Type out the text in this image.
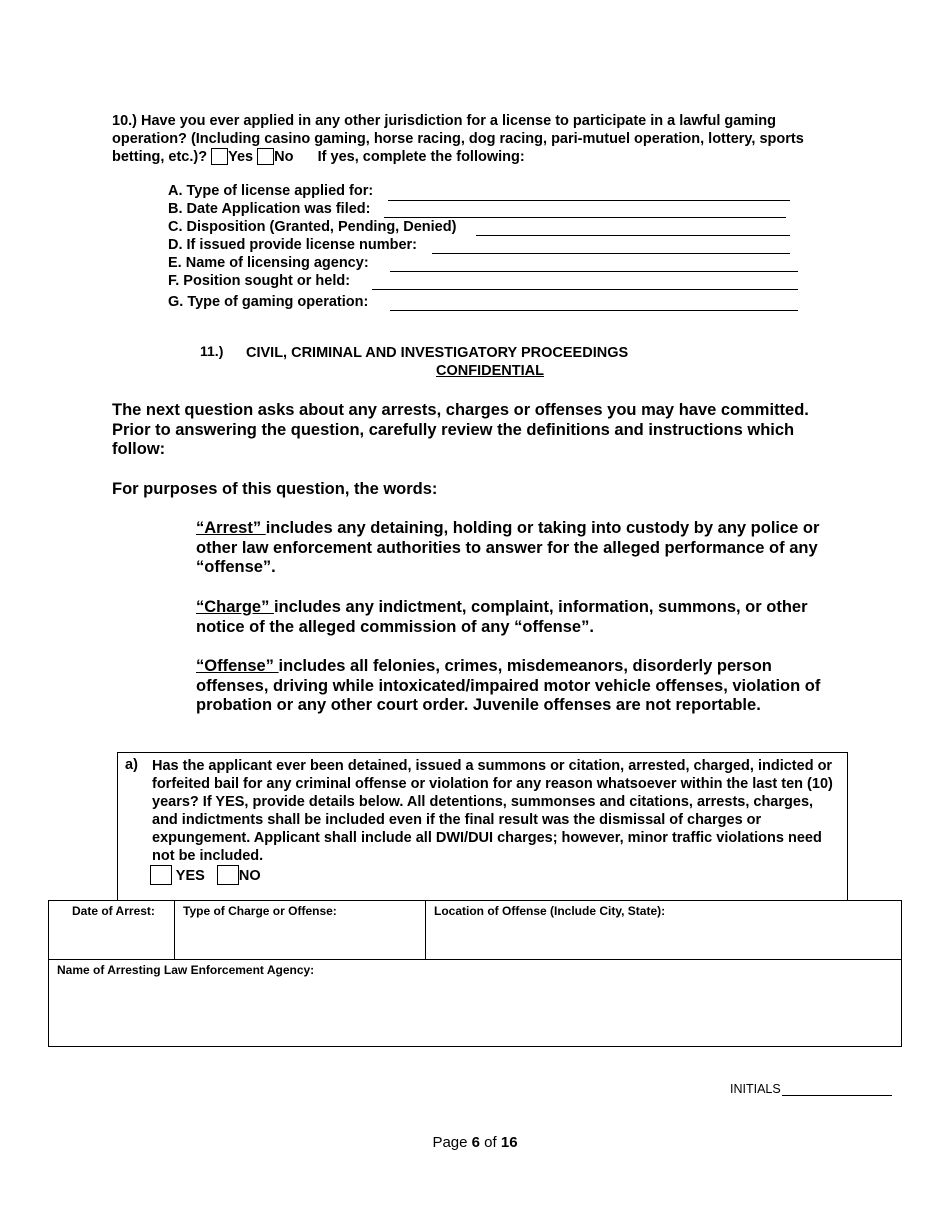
10.) Have you ever applied in any other jurisdiction for a license to participate in a lawful gaming operation? (Including casino gaming, horse racing, dog racing, pari-mutuel operation, lottery, sports betting, etc.)? Yes No If yes, complete the following:
A. Type of license applied for:
B. Date Application was filed:
C. Disposition (Granted, Pending, Denied)
D. If issued provide license number:
E. Name of licensing agency:
F. Position sought or held:
G. Type of gaming operation:
11.) CIVIL, CRIMINAL AND INVESTIGATORY PROCEEDINGS
CONFIDENTIAL
The next question asks about any arrests, charges or offenses you may have committed. Prior to answering the question, carefully review the definitions and instructions which follow:
For purposes of this question, the words:
“Arrest” includes any detaining, holding or taking into custody by any police or other law enforcement authorities to answer for the alleged performance of any “offense”.
“Charge” includes any indictment, complaint, information, summons, or other notice of the alleged commission of any “offense”.
“Offense” includes all felonies, crimes, misdemeanors, disorderly person offenses, driving while intoxicated/impaired motor vehicle offenses, violation of probation or any other court order. Juvenile offenses are not reportable.
a) Has the applicant ever been detained, issued a summons or citation, arrested, charged, indicted or forfeited bail for any criminal offense or violation for any reason whatsoever within the last ten (10) years? If YES, provide details below. All detentions, summonses and citations, arrests, charges, and indictments shall be included even if the final result was the dismissal of charges or expungement. Applicant shall include all DWI/DUI charges; however, minor traffic violations need not be included.
YES NO
Date of Arrest:	Type of Charge or Offense:	Location of Offense (Include City, State):
Name of Arresting Law Enforcement Agency:
INITIALS
Page 6 of 16
